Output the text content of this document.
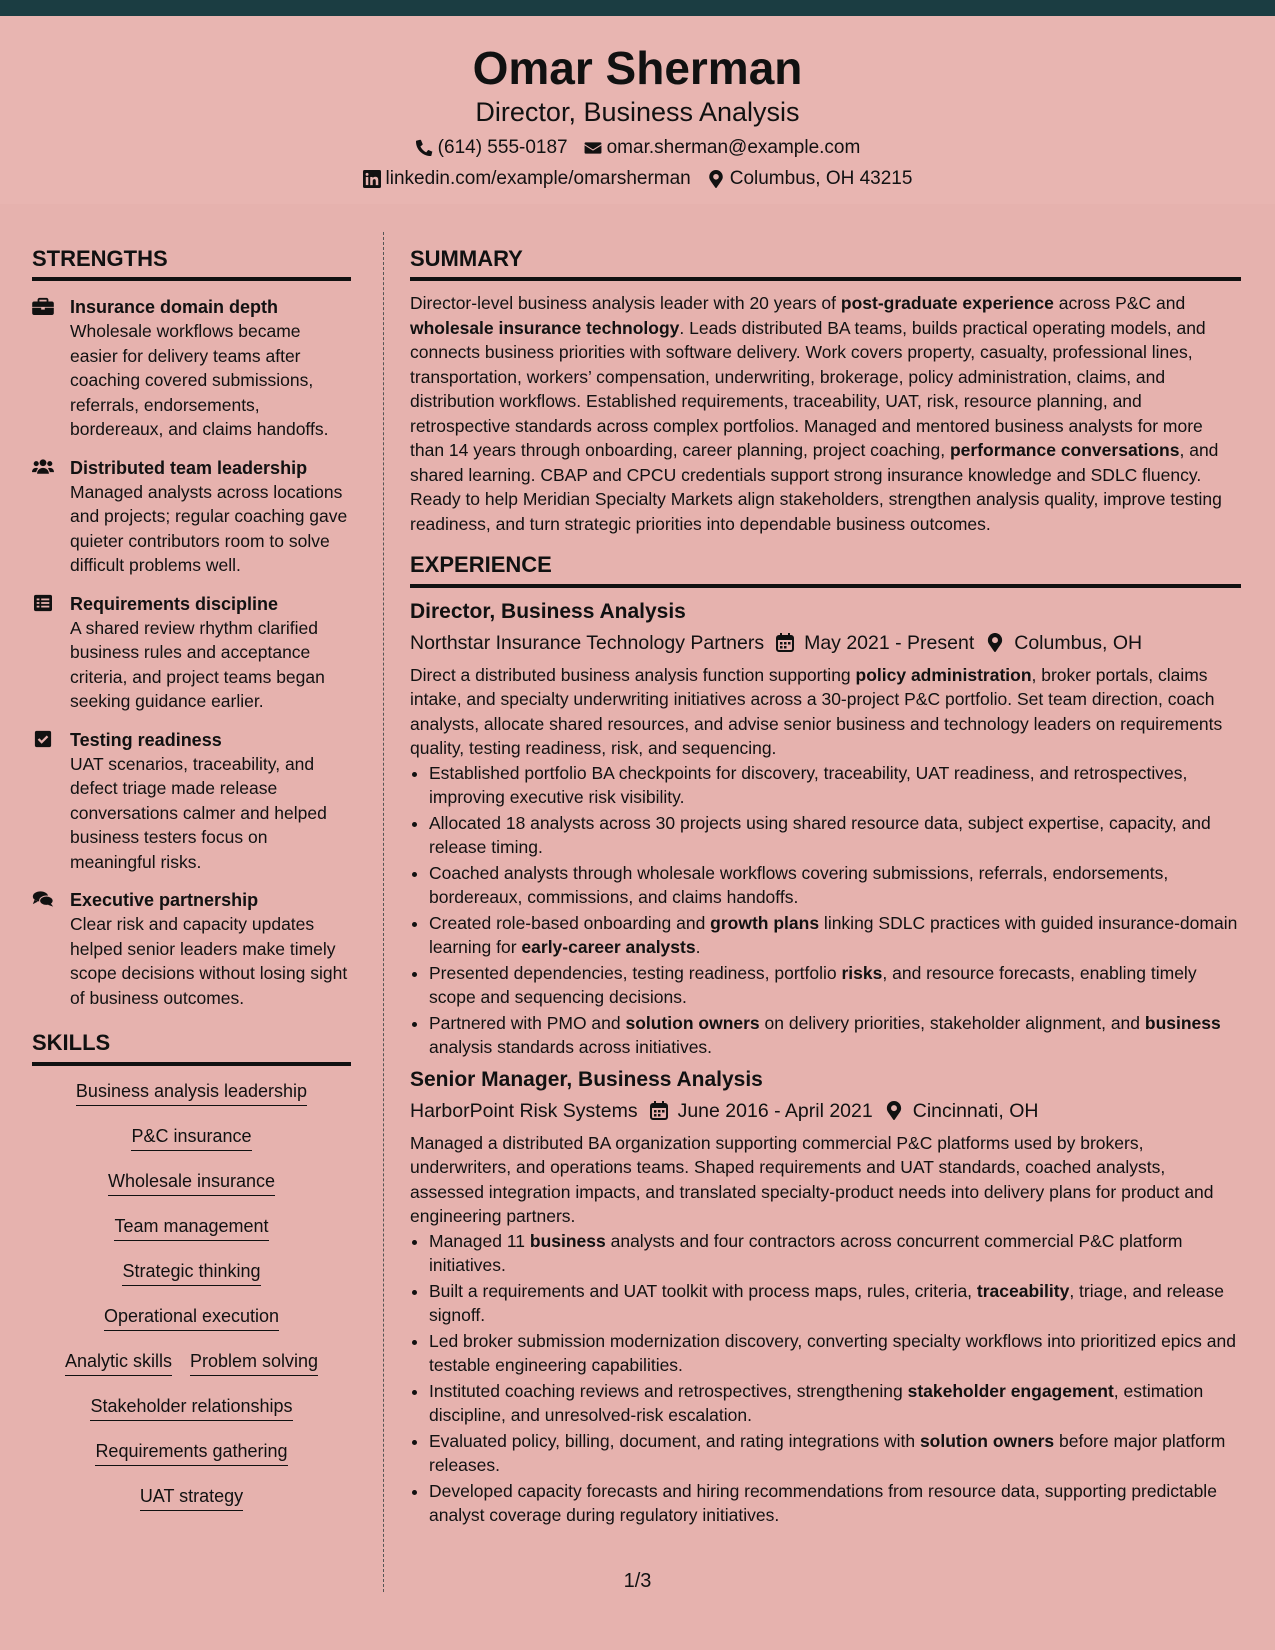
Omar Sherman
Director, Business Analysis
(614) 555-0187 omar.sherman@example.com
linkedin.com/example/omarsherman Columbus, OH 43215
STRENGTHS
Insurance domain depth
Wholesale workflows became easier for delivery teams after coaching covered submissions, referrals, endorsements, bordereaux, and claims handoffs.
Distributed team leadership
Managed analysts across locations and projects; regular coaching gave quieter contributors room to solve difficult problems well.
Requirements discipline
A shared review rhythm clarified business rules and acceptance criteria, and project teams began seeking guidance earlier.
Testing readiness
UAT scenarios, traceability, and defect triage made release conversations calmer and helped business testers focus on meaningful risks.
Executive partnership
Clear risk and capacity updates helped senior leaders make timely scope decisions without losing sight of business outcomes.
SKILLS
Business analysis leadership
P&C insurance
Wholesale insurance
Team management
Strategic thinking
Operational execution
Analytic skills Problem solving
Stakeholder relationships
Requirements gathering
UAT strategy
SUMMARY
Director-level business analysis leader with 20 years of post-graduate experience across P&C and wholesale insurance technology. Leads distributed BA teams, builds practical operating models, and connects business priorities with software delivery. Work covers property, casualty, professional lines, transportation, workers’ compensation, underwriting, brokerage, policy administration, claims, and distribution workflows. Established requirements, traceability, UAT, risk, resource planning, and retrospective standards across complex portfolios. Managed and mentored business analysts for more than 14 years through onboarding, career planning, project coaching, performance conversations, and shared learning. CBAP and CPCU credentials support strong insurance knowledge and SDLC fluency. Ready to help Meridian Specialty Markets align stakeholders, strengthen analysis quality, improve testing readiness, and turn strategic priorities into dependable business outcomes.
EXPERIENCE
Director, Business Analysis
Northstar Insurance Technology Partners May 2021 - Present Columbus, OH
Direct a distributed business analysis function supporting policy administration, broker portals, claims intake, and specialty underwriting initiatives across a 30-project P&C portfolio. Set team direction, coach analysts, allocate shared resources, and advise senior business and technology leaders on requirements quality, testing readiness, risk, and sequencing.
• Established portfolio BA checkpoints for discovery, traceability, UAT readiness, and retrospectives, improving executive risk visibility.
• Allocated 18 analysts across 30 projects using shared resource data, subject expertise, capacity, and release timing.
• Coached analysts through wholesale workflows covering submissions, referrals, endorsements, bordereaux, commissions, and claims handoffs.
• Created role-based onboarding and growth plans linking SDLC practices with guided insurance-domain learning for early-career analysts.
• Presented dependencies, testing readiness, portfolio risks, and resource forecasts, enabling timely scope and sequencing decisions.
• Partnered with PMO and solution owners on delivery priorities, stakeholder alignment, and business analysis standards across initiatives.
Senior Manager, Business Analysis
HarborPoint Risk Systems June 2016 - April 2021 Cincinnati, OH
Managed a distributed BA organization supporting commercial P&C platforms used by brokers, underwriters, and operations teams. Shaped requirements and UAT standards, coached analysts, assessed integration impacts, and translated specialty-product needs into delivery plans for product and engineering partners.
• Managed 11 business analysts and four contractors across concurrent commercial P&C platform initiatives.
• Built a requirements and UAT toolkit with process maps, rules, criteria, traceability, triage, and release signoff.
• Led broker submission modernization discovery, converting specialty workflows into prioritized epics and testable engineering capabilities.
• Instituted coaching reviews and retrospectives, strengthening stakeholder engagement, estimation discipline, and unresolved-risk escalation.
• Evaluated policy, billing, document, and rating integrations with solution owners before major platform releases.
• Developed capacity forecasts and hiring recommendations from resource data, supporting predictable analyst coverage during regulatory initiatives.
1/3
